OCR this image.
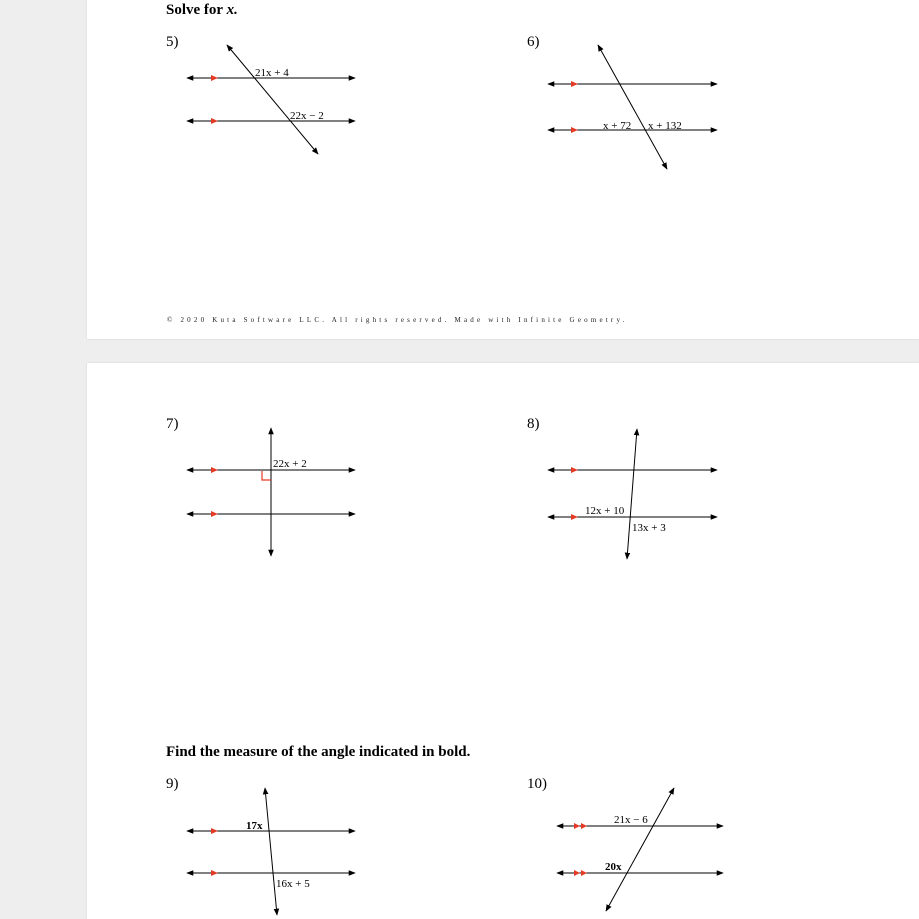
Solve for x.
5)
21x + 4
22x − 2
x + 72 x + 132
6)
© 2020 Kuta Software LLC. All rights reserved. Made with Infinite Geometry.
7)	8)
22x + 2
12x + 10
13x + 3
17x
16x + 5
21x − 6
20x
Find the measure of the angle indicated in bold.
9)	10)
